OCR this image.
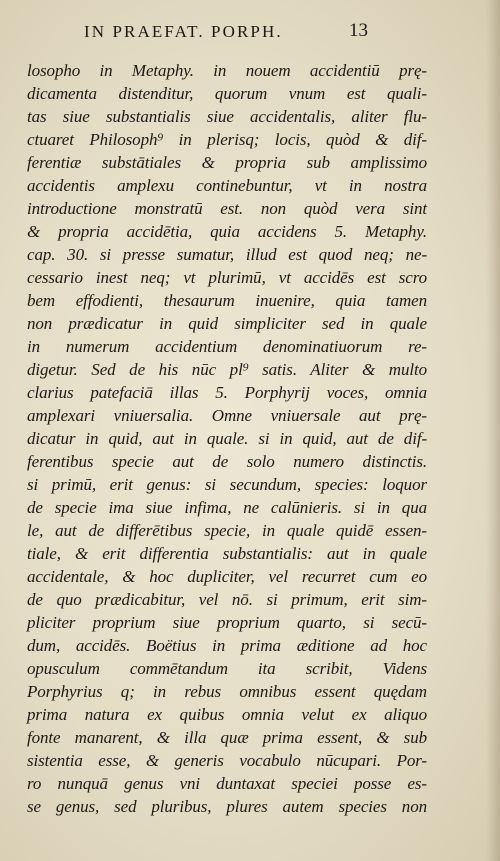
IN PRAEFAT. PORPH.	13
losopho in Metaphy. in nouem accidentiū prę-
dicamenta distenditur, quorum vnum est quali-
tas siue substantialis siue accidentalis, aliter flu-
ctuaret Philosoph⁹ in plerisq; locis, quòd & dif-
ferentiæ substātiales & propria sub amplissimo
accidentis amplexu continebuntur, vt in nostra
introductione monstratū est. non quòd vera sint
& propria accidētia, quia accidens 5. Metaphy.
cap. 30. si presse sumatur, illud est quod neq; ne-
cessario inest neq; vt plurimū, vt accidēs est scro
bem effodienti, thesaurum inuenire, quia tamen
non prædicatur in quid simpliciter sed in quale
in numerum accidentium denominatiuorum re-
digetur. Sed de his nūc pl⁹ satis. Aliter & multo
clarius patefaciā illas 5. Porphyrij voces, omnia
amplexari vniuersalia. Omne vniuersale aut prę-
dicatur in quid, aut in quale. si in quid, aut de dif-
ferentibus specie aut de solo numero distinctis.
si primū, erit genus: si secundum, species: loquor
de specie ima siue infima, ne calūnieris. si in qua
le, aut de differētibus specie, in quale quidē essen-
tiale, & erit differentia substantialis: aut in quale
accidentale, & hoc dupliciter, vel recurret cum eo
de quo prædicabitur, vel nō. si primum, erit sim-
pliciter proprium siue proprium quarto, si secū-
dum, accidēs. Boëtius in prima æditione ad hoc
opusculum commētandum ita scribit, Videns
Porphyrius q; in rebus omnibus essent quędam
prima natura ex quibus omnia velut ex aliquo
fonte manarent, & illa quæ prima essent, & sub
sistentia esse, & generis vocabulo nūcupari. Por-
ro nunquā genus vni duntaxat speciei posse es-
se genus, sed pluribus, plures autem species non
